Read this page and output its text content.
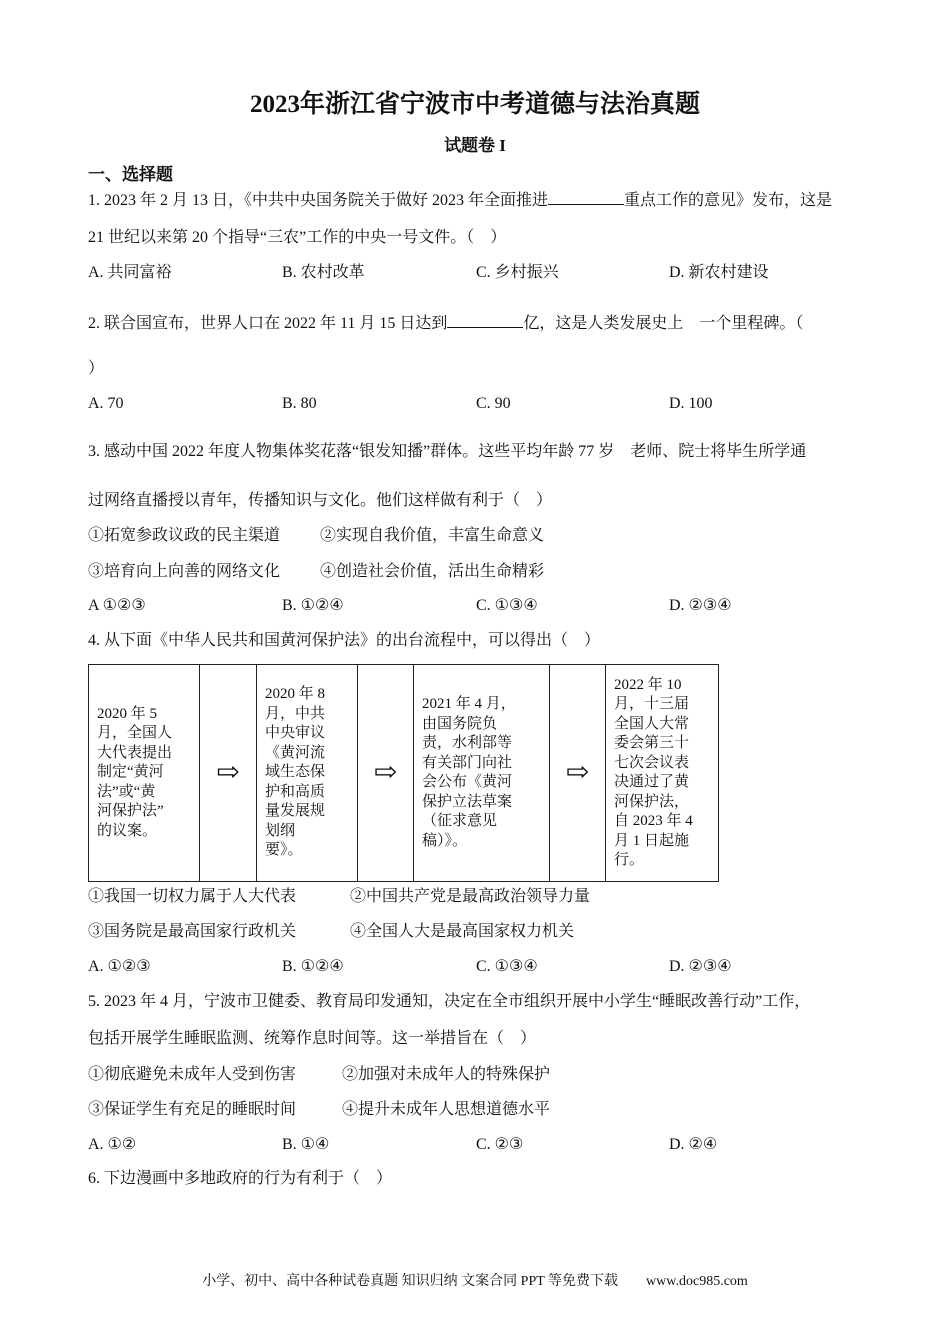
2023年浙江省宁波市中考道德与法治真题
试题卷 I
一、选择题
1. 2023 年 2 月 13 日，《中共中央国务院关于做好 2023 年全面推进	重点工作的意见》发布，这是
21 世纪以来第 20 个指导“三农”工作的中央一号文件。（　）
A. 共同富裕	B. 农村改革	C. 乡村振兴	D. 新农村建设
2. 联合国宣布，世界人口在 2022 年 11 月 15 日达到	亿，这是人类发展史上　一个里程碑。（
）
A. 70	B. 80	C. 90	D. 100
3. 感动中国 2022 年度人物集体奖花落“银发知播”群体。这些平均年龄 77 岁　老师、院士将毕生所学通
过网络直播授以青年，传播知识与文化。他们这样做有利于（　）
①拓宽参政议政的民主渠道 ②实现自我价值，丰富生命意义
③培育向上向善的网络文化 ④创造社会价值，活出生命精彩
A ①②③	B. ①②④	C. ①③④	D. ②③④
4. 从下面《中华人民共和国黄河保护法》的出台流程中，可以得出（　）
2020 年 5
月，全国人
大代表提出
制定“黄河
法”或“黄
河保护法”
的议案。
⇨
2020 年 8
月，中共
中央审议
《黄河流
域生态保
护和高质
量发展规
划纲
要》。
⇨
2021 年 4 月，
由国务院负
责，水利部等
有关部门向社
会公布《黄河
保护立法草案
（征求意见
稿）》。
⇨
2022 年 10
月，十三届
全国人大常
委会第三十
七次会议表
决通过了黄
河保护法，
自 2023 年 4
月 1 日起施
行。
①我国一切权力属于人大代表	②中国共产党是最高政治领导力量
③国务院是最高国家行政机关	④全国人大是最高国家权力机关
A. ①②③	B. ①②④	C. ①③④	D. ②③④
5. 2023 年 4 月，宁波市卫健委、教育局印发通知，决定在全市组织开展中小学生“睡眠改善行动”工作，
包括开展学生睡眠监测、统筹作息时间等。这一举措旨在（　）
①彻底避免未成年人受到伤害	②加强对未成年人的特殊保护
③保证学生有充足的睡眠时间	④提升未成年人思想道德水平
A. ①②	B. ①④	C. ②③	D. ②④
6. 下边漫画中多地政府的行为有利于（　）
小学、初中、高中各种试卷真题 知识归纳 文案合同 PPT 等免费下载　　www.doc985.com
